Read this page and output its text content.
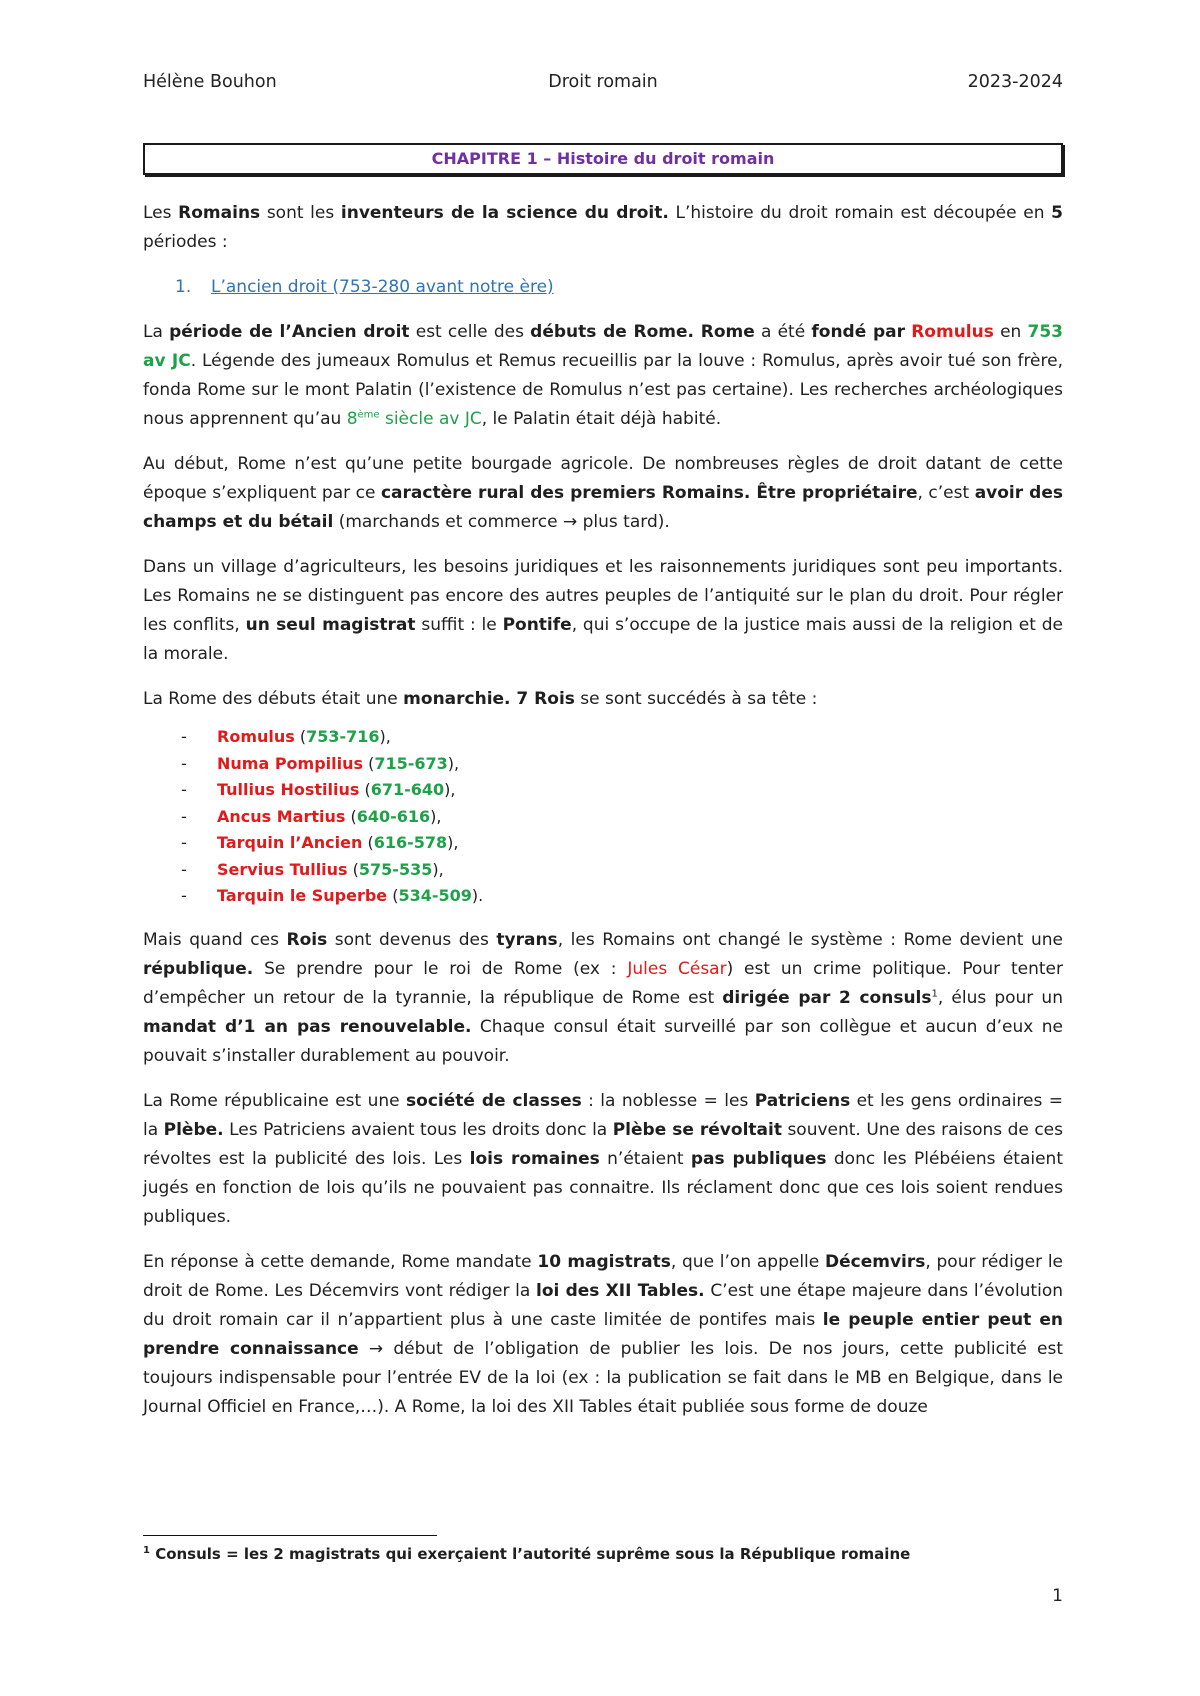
Hélène Bouhon	Droit romain	2023-2024
CHAPITRE 1 – Histoire du droit romain

Les Romains sont les inventeurs de la science du droit. L’histoire du droit romain est découpée en 5 périodes :

1. L’ancien droit (753-280 avant notre ère)

La période de l’Ancien droit est celle des débuts de Rome. Rome a été fondé par Romulus en 753 av JC. Légende des jumeaux Romulus et Remus recueillis par la louve : Romulus, après avoir tué son frère, fonda Rome sur le mont Palatin (l’existence de Romulus n’est pas certaine). Les recherches archéologiques nous apprennent qu’au 8ème siècle av JC, le Palatin était déjà habité.

Au début, Rome n’est qu’une petite bourgade agricole. De nombreuses règles de droit datant de cette époque s’expliquent par ce caractère rural des premiers Romains. Être propriétaire, c’est avoir des champs et du bétail (marchands et commerce → plus tard).

Dans un village d’agriculteurs, les besoins juridiques et les raisonnements juridiques sont peu importants. Les Romains ne se distinguent pas encore des autres peuples de l’antiquité sur le plan du droit. Pour régler les conflits, un seul magistrat suffit : le Pontife, qui s’occupe de la justice mais aussi de la religion et de la morale.

La Rome des débuts était une monarchie. 7 Rois se sont succédés à sa tête :

- Romulus (753-716),
- Numa Pompilius (715-673),
- Tullius Hostilius (671-640),
- Ancus Martius (640-616),
- Tarquin l’Ancien (616-578),
- Servius Tullius (575-535),
- Tarquin le Superbe (534-509).

Mais quand ces Rois sont devenus des tyrans, les Romains ont changé le système : Rome devient une république. Se prendre pour le roi de Rome (ex : Jules César) est un crime politique. Pour tenter d’empêcher un retour de la tyrannie, la république de Rome est dirigée par 2 consuls$^1$, élus pour un mandat d’1 an pas renouvelable. Chaque consul était surveillé par son collègue et aucun d’eux ne pouvait s’installer durablement au pouvoir.

La Rome républicaine est une société de classes : la noblesse = les Patriciens et les gens ordinaires = la Plèbe. Les Patriciens avaient tous les droits donc la Plèbe se révoltait souvent. Une des raisons de ces révoltes est la publicité des lois. Les lois romaines n’étaient pas publiques donc les Plébéiens étaient jugés en fonction de lois qu’ils ne pouvaient pas connaitre. Ils réclament donc que ces lois soient rendues publiques.

En réponse à cette demande, Rome mandate 10 magistrats, que l’on appelle Décemvirs, pour rédiger le droit de Rome. Les Décemvirs vont rédiger la loi des XII Tables. C’est une étape majeure dans l’évolution du droit romain car il n’appartient plus à une caste limitée de pontifes mais le peuple entier peut en prendre connaissance → début de l’obligation de publier les lois. De nos jours, cette publicité est toujours indispensable pour l’entrée EV de la loi (ex : la publication se fait dans le MB en Belgique, dans le Journal Officiel en France,…). A Rome, la loi des XII Tables était publiée sous forme de douze

$^1$ Consuls = les 2 magistrats qui exerçaient l’autorité suprême sous la République romaine
1
